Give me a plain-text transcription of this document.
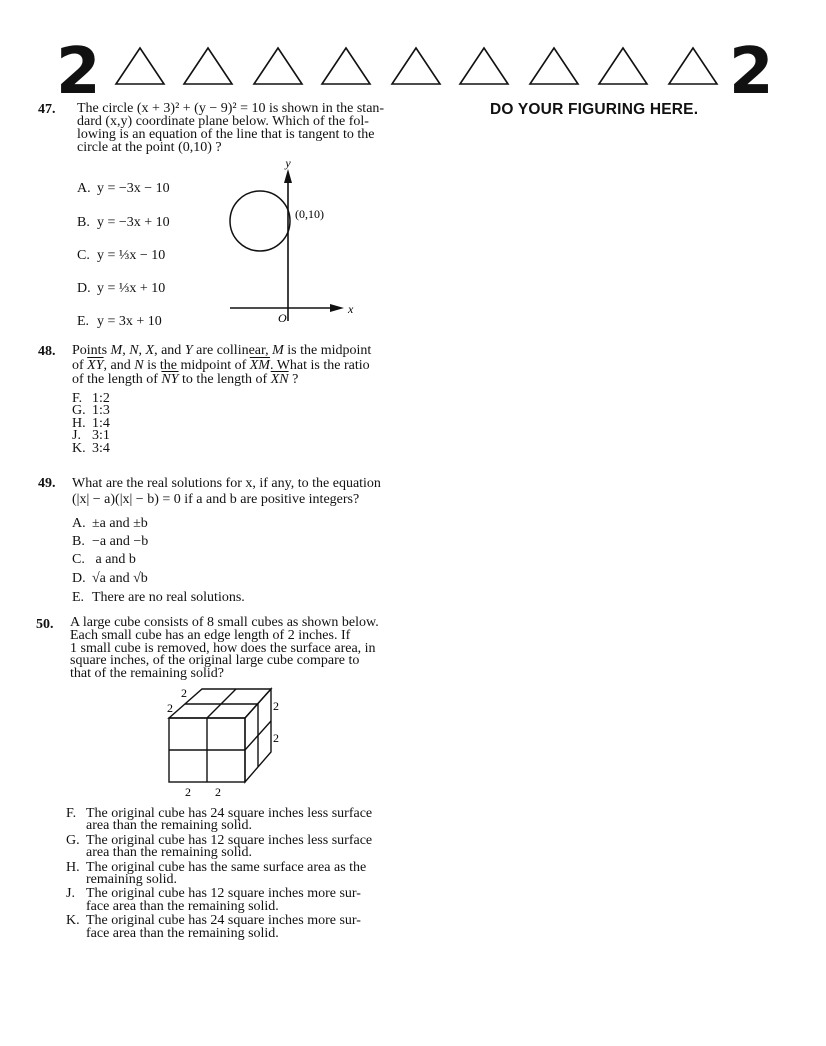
2	2
DO YOUR FIGURING HERE.
47. The circle (x + 3)² + (y − 9)² = 10 is shown in the stan-
dard (x,y) coordinate plane below. Which of the fol-
lowing is an equation of the line that is tangent to the
circle at the point (0,10) ?
A. y = −3x − 10
B. y = −3x + 10
C. y = ⅓x − 10
D. y = ⅓x + 10
E. y = 3x + 10
y
x
O
(0,10)
48. Points M, N, X, and Y are collinear, M is the midpoint
of $\overline{XY}$, and N is the midpoint of $\overline{XM}$. What is the ratio
of the length of $\overline{NY}$ to the length of $\overline{XN}$ ?
F. 1:2
G. 1:3
H. 1:4
J. 3:1
K. 3:4
49. What are the real solutions for x, if any, to the equation
(|x| − a)(|x| − b) = 0 if a and b are positive integers?
A. ±a and ±b
B. −a and −b
C. a and b
D. √a and √b
E. There are no real solutions.
50. A large cube consists of 8 small cubes as shown below.
Each small cube has an edge length of 2 inches. If
1 small cube is removed, how does the surface area, in
square inches, of the original large cube compare to
that of the remaining solid?
2
2	2
2
2 2
F. The original cube has 24 square inches less surface
area than the remaining solid.
G. The original cube has 12 square inches less surface
area than the remaining solid.
H. The original cube has the same surface area as the
remaining solid.
J. The original cube has 12 square inches more sur-
face area than the remaining solid.
K. The original cube has 24 square inches more sur-
face area than the remaining solid.
